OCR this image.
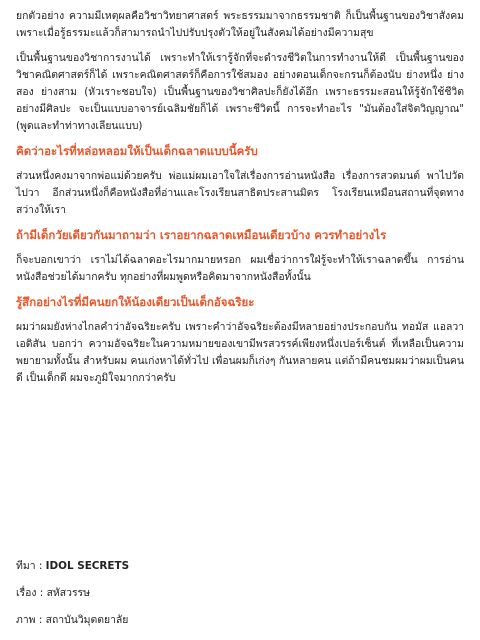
ยกตัวอย่าง ความมีเหตุผลคือวิชาวิทยาศาสตร์ พระธรรมมาจากธรรมชาติ ก็เป็นพื้นฐานของวิชาสังคม เพราะเมื่อรู้ธรรมะแล้วก็สามารถนำไปปรับปรุงตัวให้อยู่ในสังคมได้อย่างมีความสุข

เป็นพื้นฐานของวิชาการงานได้ เพราะทำให้เรารู้จักที่จะดำรงชีวิตในการทำงานให้ดี เป็นพื้นฐานของวิชาคณิตศาสตร์ก็ได้ เพราะคณิตศาสตร์ก็คือการใช้สมอง อย่างตอนเด็กจะกรนก็ต้องนับ ย่างหนึ่ง ย่างสอง ย่างสาม (หัวเราะชอบใจ) เป็นพื้นฐานของวิชาศิลปะก็ยังได้อีก เพราะธรรมะสอนให้รู้จักใช้ชีวิตอย่างมีศิลปะ จะเป็นแบบอาจารย์เฉลิมชัยก็ได้ เพราะชีวิตนี้ การจะทำอะไร "มันต้องใส่จิตวิญญาณ" (พูดและทำท่าทางเลียนแบบ)

คิดว่าอะไรที่หล่อหลอมให้เป็นเด็กฉลาดแบบนี้ครับ

ส่วนหนึ่งคงมาจากพ่อแม่ด้วยครับ พ่อแม่ผมเอาใจใส่เรื่องการอ่านหนังสือ เรื่องการสวดมนต์ พาไปวัดไปวา อีกส่วนหนึ่งก็คือหนังสือที่อ่านและโรงเรียนสาธิตประสานมิตร โรงเรียนเหมือนสถานที่จุดทางสว่างให้เรา

ถ้ามีเด็กวัยเดียวกันมาถามว่า เราอยากฉลาดเหมือนเดียวบ้าง ควรทำอย่างไร

ก็จะบอกเขาว่า เราไม่ได้ฉลาดอะไรมากมายหรอก ผมเชื่อว่าการใฝ่รู้จะทำให้เราฉลาดขึ้น การอ่านหนังสือช่วยได้มากครับ ทุกอย่างที่ผมพูดหรือคิดมาจากหนังสือทั้งนั้น

รู้สึกอย่างไรที่มีคนยกให้น้องเดียวเป็นเด็กอัจฉริยะ

ผมว่าผมยังห่างไกลคำว่าอัจฉริยะครับ เพราะคำว่าอัจฉริยะต้องมีหลายอย่างประกอบกัน ทอมัส แอลวา เอดิสัน บอกว่า ความอัจฉริยะในความหมายของเขามีพรสวรรค์เพียงหนึ่งเปอร์เซ็นต์ ที่เหลือเป็นความพยายามทั้งนั้น สำหรับผม คนเก่งหาได้ทั่วไป เพื่อนผมก็เก่งๆ กันหลายคน แต่ถ้ามีคนชมผมว่าผมเป็นคนดี เป็นเด็กดี ผมจะภูมิใจมากกว่าครับ

ทีมา : IDOL SECRETS
เรื่อง : สหัสวรรษ
ภาพ : สถาบันวิมุตตยาลัย
